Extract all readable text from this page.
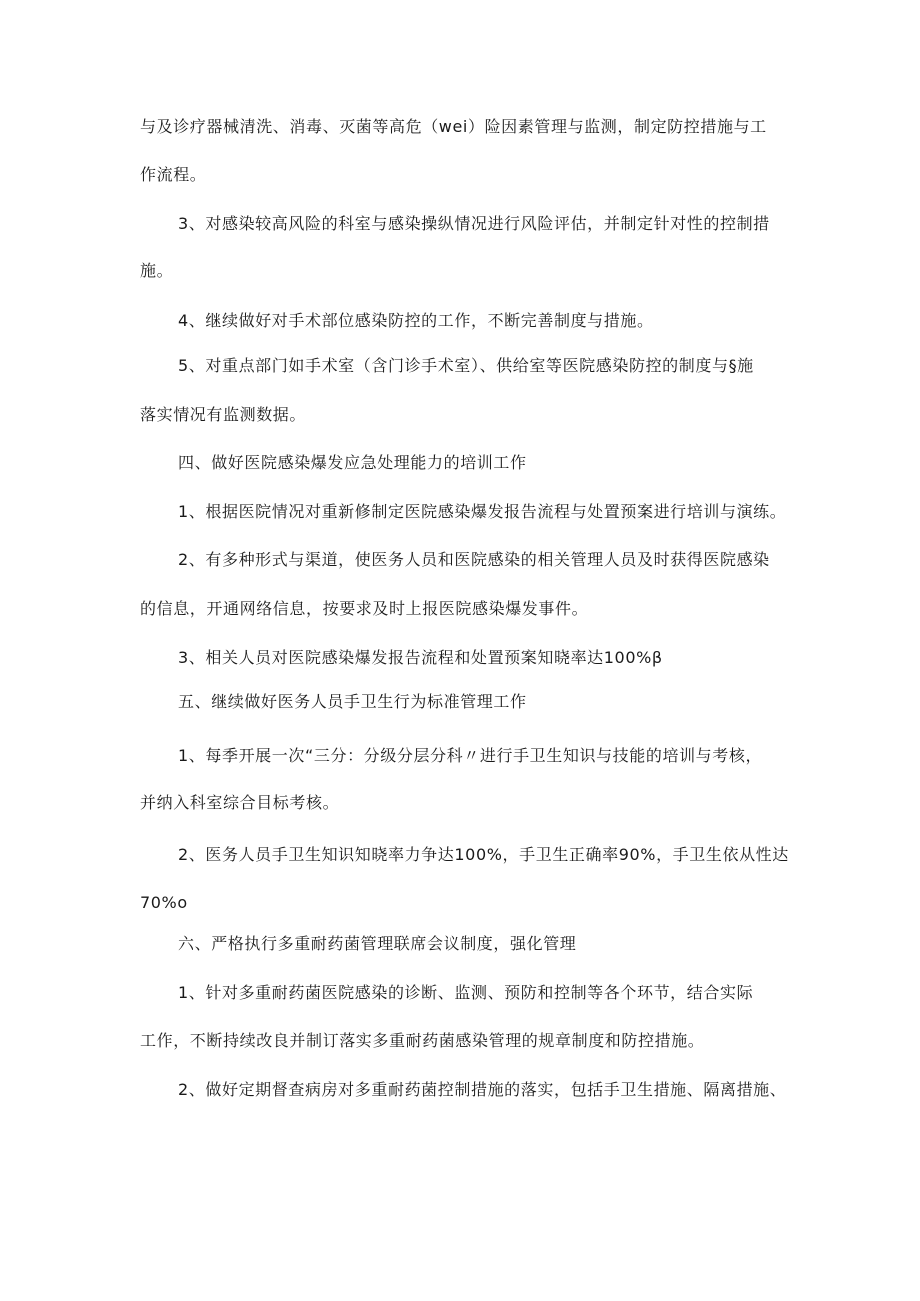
与及诊疗器械清洗、消毒、灭菌等高危（wei）险因素管理与监测，制定防控措施与工

作流程。

3、对感染较高风险的科室与感染操纵情况进行风险评估，并制定针对性的控制措

施。

4、继续做好对手术部位感染防控的工作，不断完善制度与措施。

5、对重点部门如手术室（含门诊手术室）、供给室等医院感染防控的制度与§施

落实情况有监测数据。

四、做好医院感染爆发应急处理能力的培训工作

1、根据医院情况对重新修制定医院感染爆发报告流程与处置预案进行培训与演练。

2、有多种形式与渠道，使医务人员和医院感染的相关管理人员及时获得医院感染

的信息，开通网络信息，按要求及时上报医院感染爆发事件。

3、相关人员对医院感染爆发报告流程和处置预案知晓率达100%β

五、继续做好医务人员手卫生行为标准管理工作

1、每季开展一次“三分：分级分层分科〃进行手卫生知识与技能的培训与考核，

并纳入科室综合目标考核。

2、医务人员手卫生知识知晓率力争达100%，手卫生正确率90%，手卫生依从性达

70%o

六、严格执行多重耐药菌管理联席会议制度，强化管理

1、针对多重耐药菌医院感染的诊断、监测、预防和控制等各个环节，结合实际

工作，不断持续改良并制订落实多重耐药菌感染管理的规章制度和防控措施。

2、做好定期督查病房对多重耐药菌控制措施的落实，包括手卫生措施、隔离措施、
